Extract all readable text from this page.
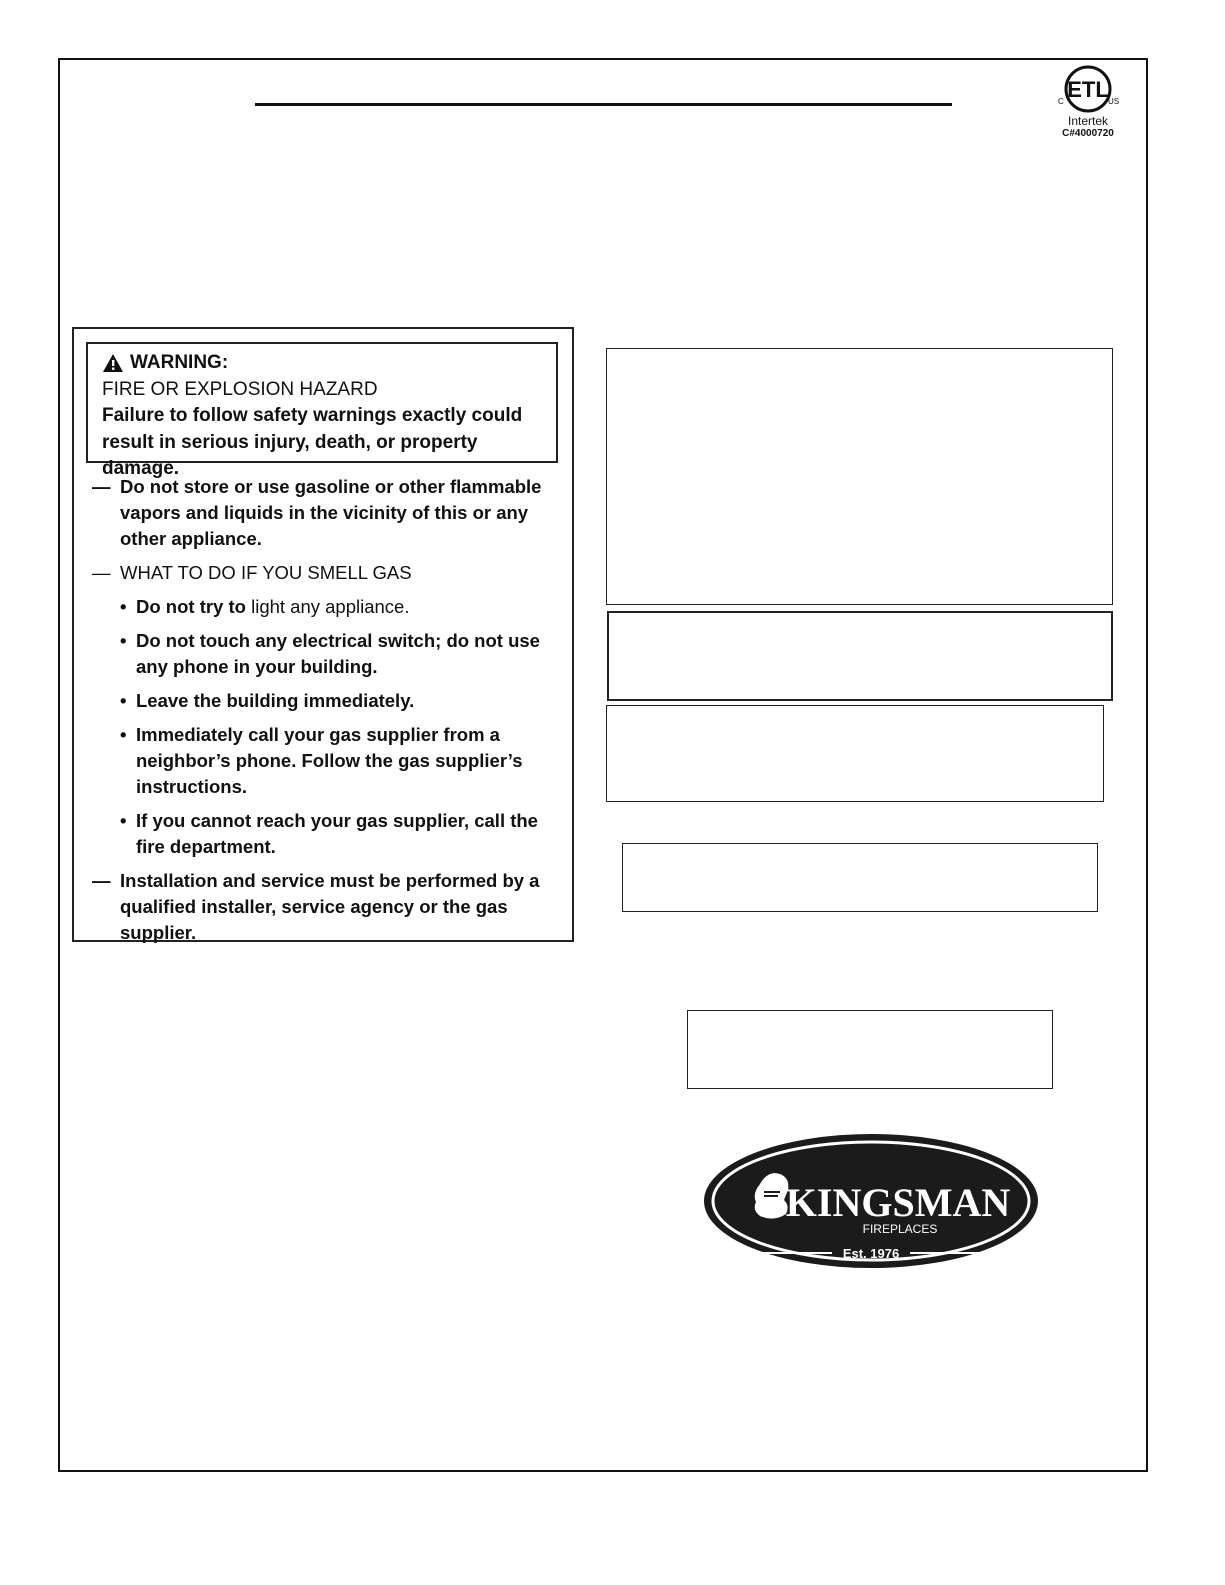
ETL
C	US
Intertek
C#4000720
WARNING:
FIRE OR EXPLOSION HAZARD
Failure to follow safety warnings exactly could result in serious injury, death, or property damage.
— Do not store or use gasoline or other flammable vapors and liquids in the vicinity of this or any other appliance.
— WHAT TO DO IF YOU SMELL GAS
• Do not try to light any appliance.
• Do not touch any electrical switch; do not use any phone in your building.
• Leave the building immediately.
• Immediately call your gas supplier from a neighbor’s phone. Follow the gas supplier’s instructions.
• If you cannot reach your gas supplier, call the fire department.
— Installation and service must be performed by a qualified installer, service agency or the gas supplier.
KINGSMAN
FIREPLACES
Est. 1976
